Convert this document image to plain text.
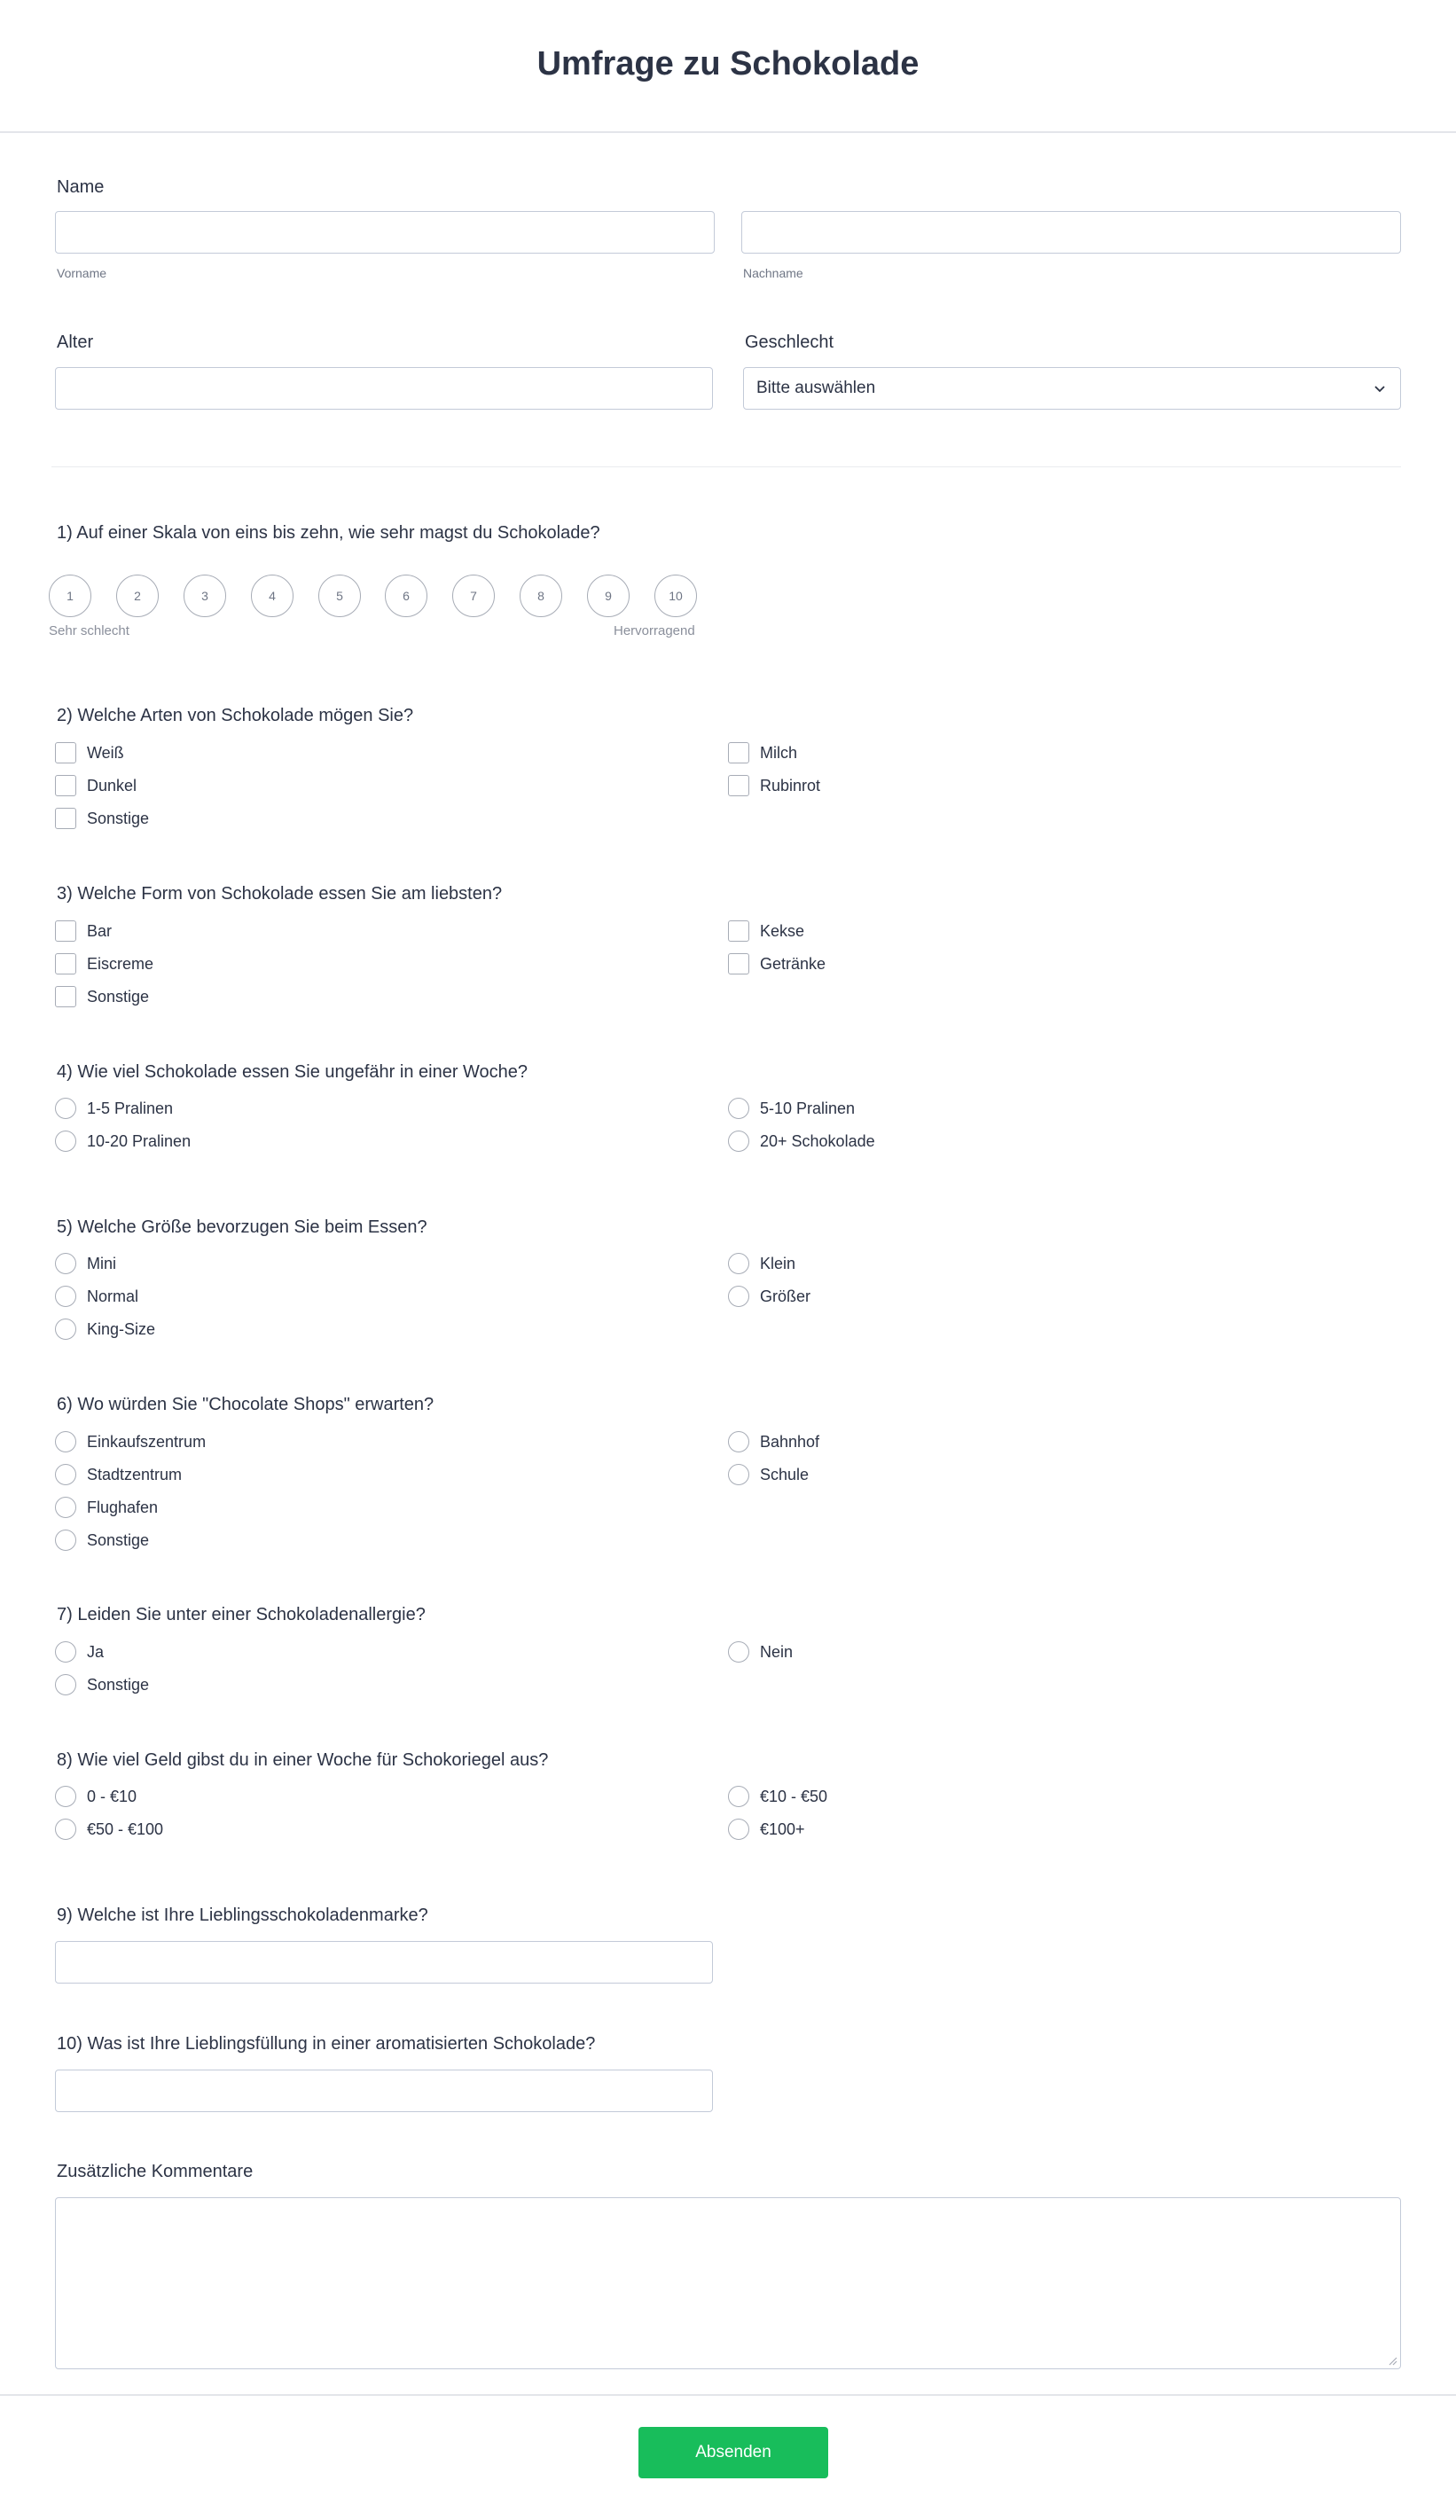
Umfrage zu Schokolade
Name
Vorname	Nachname
Alter	Geschlecht
Bitte auswählen
1) Auf einer Skala von eins bis zehn, wie sehr magst du Schokolade?
1	2	3	4	5	6	7	8	9	10
Sehr schlecht	Hervorragend
2) Welche Arten von Schokolade mögen Sie?
Weiß	Milch
Dunkel	Rubinrot
Sonstige
3) Welche Form von Schokolade essen Sie am liebsten?
Bar	Kekse
Eiscreme	Getränke
Sonstige
4) Wie viel Schokolade essen Sie ungefähr in einer Woche?
1-5 Pralinen	5-10 Pralinen
10-20 Pralinen	20+ Schokolade
5) Welche Größe bevorzugen Sie beim Essen?
Mini	Klein
Normal	Größer
King-Size
6) Wo würden Sie "Chocolate Shops" erwarten?
Einkaufszentrum	Bahnhof
Stadtzentrum	Schule
Flughafen
Sonstige
7) Leiden Sie unter einer Schokoladenallergie?
Ja	Nein
Sonstige
8) Wie viel Geld gibst du in einer Woche für Schokoriegel aus?
0 - €10	€10 - €50
€50 - €100	€100+
9) Welche ist Ihre Lieblingsschokoladenmarke?
10) Was ist Ihre Lieblingsfüllung in einer aromatisierten Schokolade?
Zusätzliche Kommentare
Absenden
